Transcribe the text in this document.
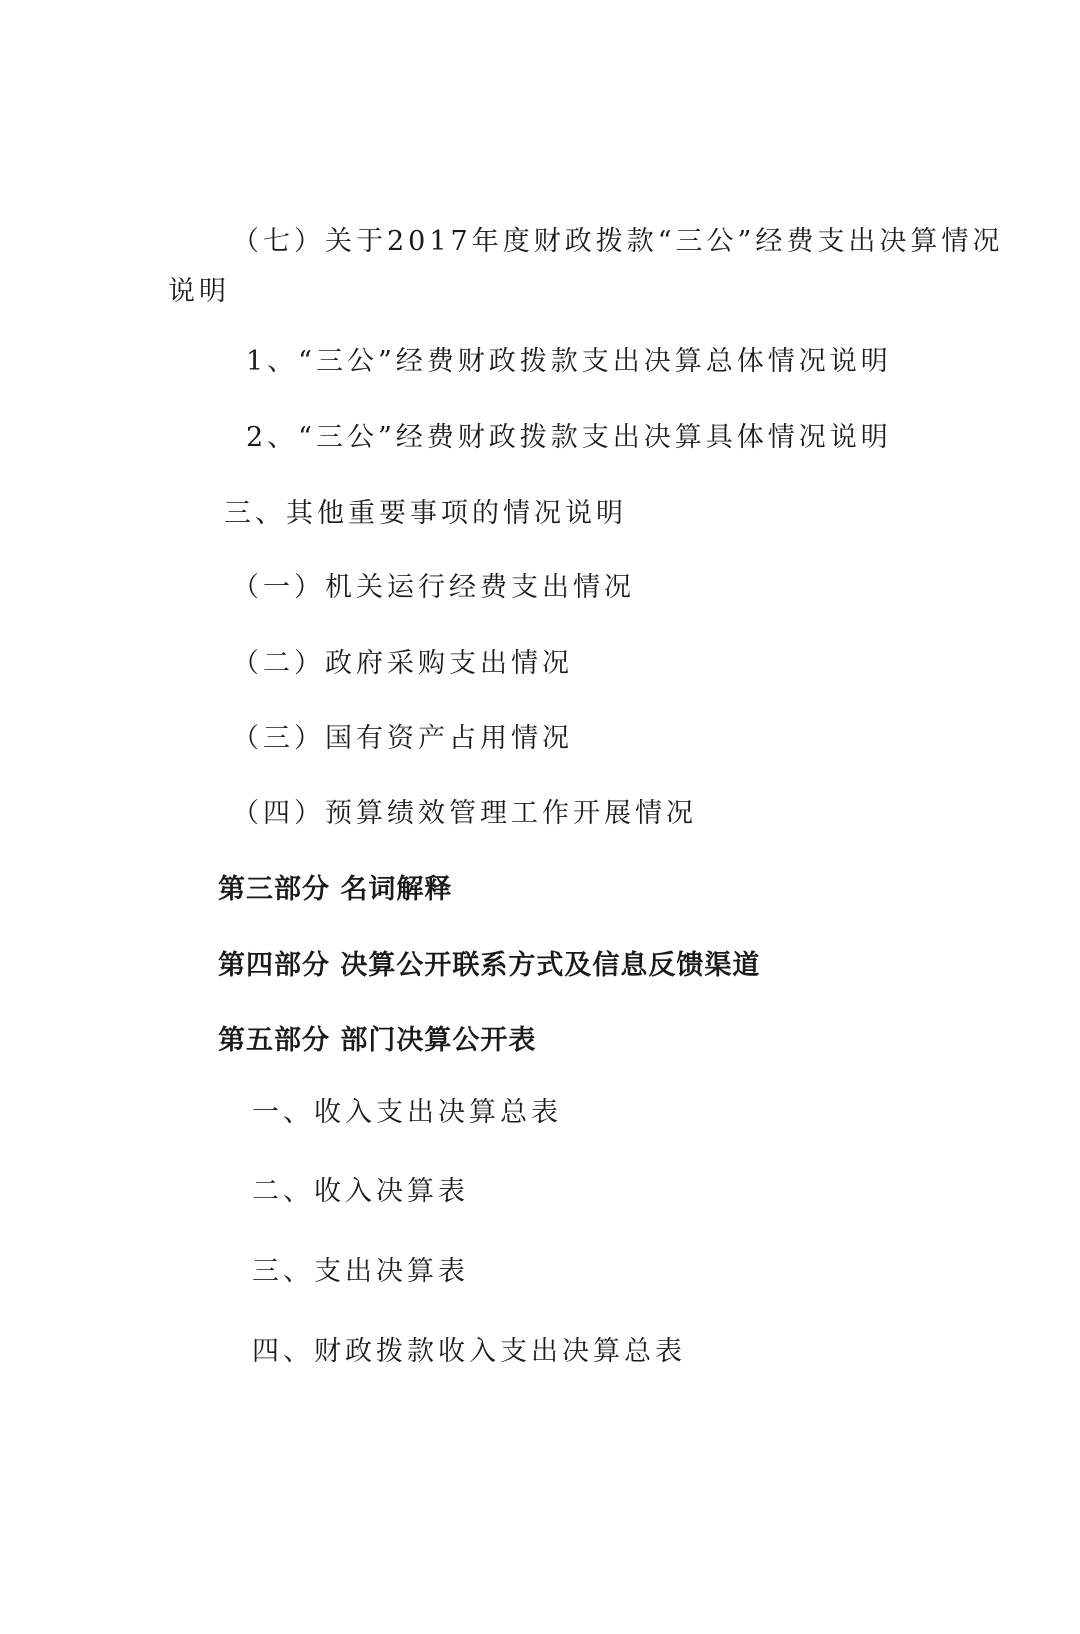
（七）关于2017年度财政拨款“三公”经费支出决算情况

说明

1、“三公”经费财政拨款支出决算总体情况说明

2、“三公”经费财政拨款支出决算具体情况说明

三、其他重要事项的情况说明

（一）机关运行经费支出情况

（二）政府采购支出情况

（三）国有资产占用情况

（四）预算绩效管理工作开展情况

第三部分 名词解释

第四部分 决算公开联系方式及信息反馈渠道

第五部分 部门决算公开表

一、收入支出决算总表

二、收入决算表

三、支出决算表

四、财政拨款收入支出决算总表
